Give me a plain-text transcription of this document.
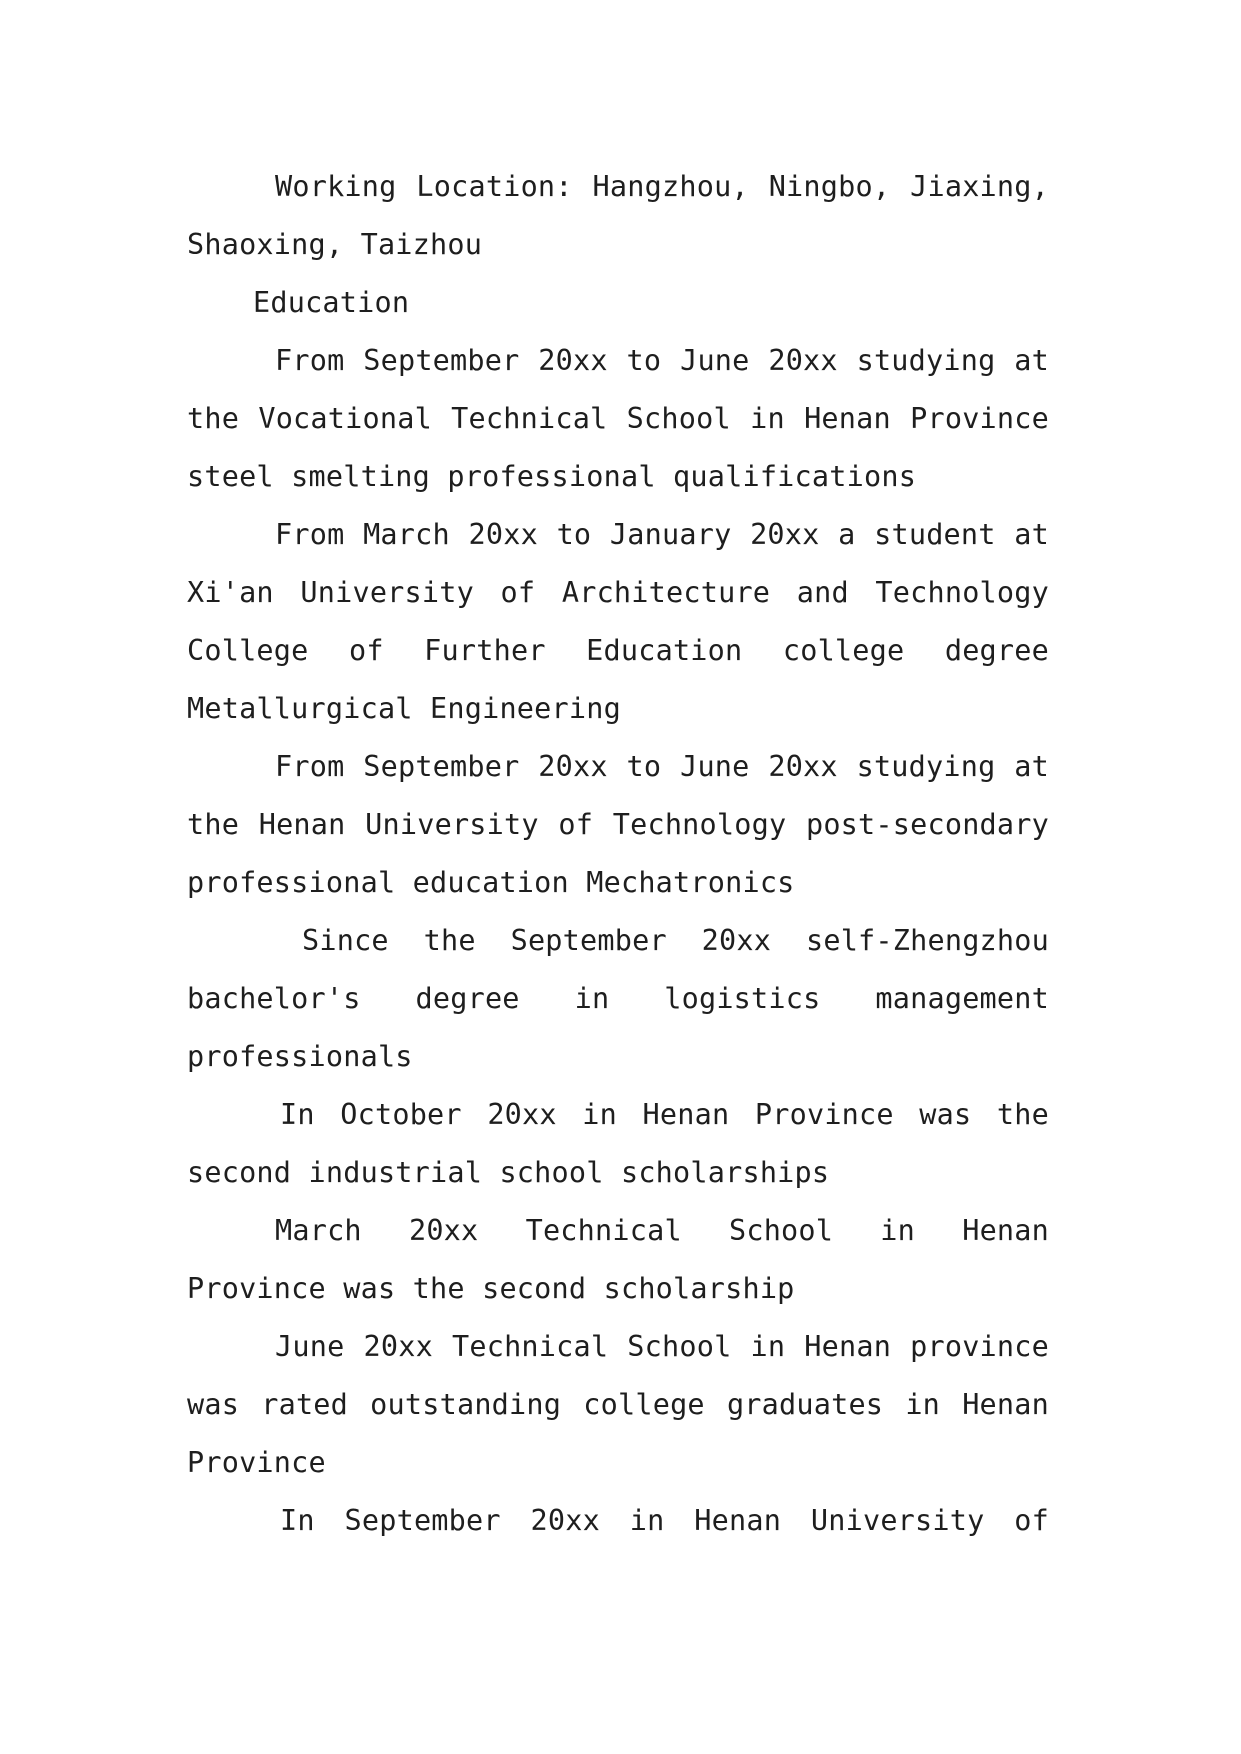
Working Location: Hangzhou, Ningbo, Jiaxing, Shaoxing, Taizhou

Education

From September 20xx to June 20xx studying at the Vocational Technical School in Henan Province steel smelting professional qualifications

From March 20xx to January 20xx a student at Xi'an University of Architecture and Technology College of Further Education college degree Metallurgical Engineering

From September 20xx to June 20xx studying at the Henan University of Technology post-secondary professional education Mechatronics

Since the September 20xx self-Zhengzhou bachelor's degree in logistics management professionals

In October 20xx in Henan Province was the second industrial school scholarships

March 20xx Technical School in Henan Province was the second scholarship

June 20xx Technical School in Henan province was rated outstanding college graduates in Henan Province

In September 20xx in Henan University of
